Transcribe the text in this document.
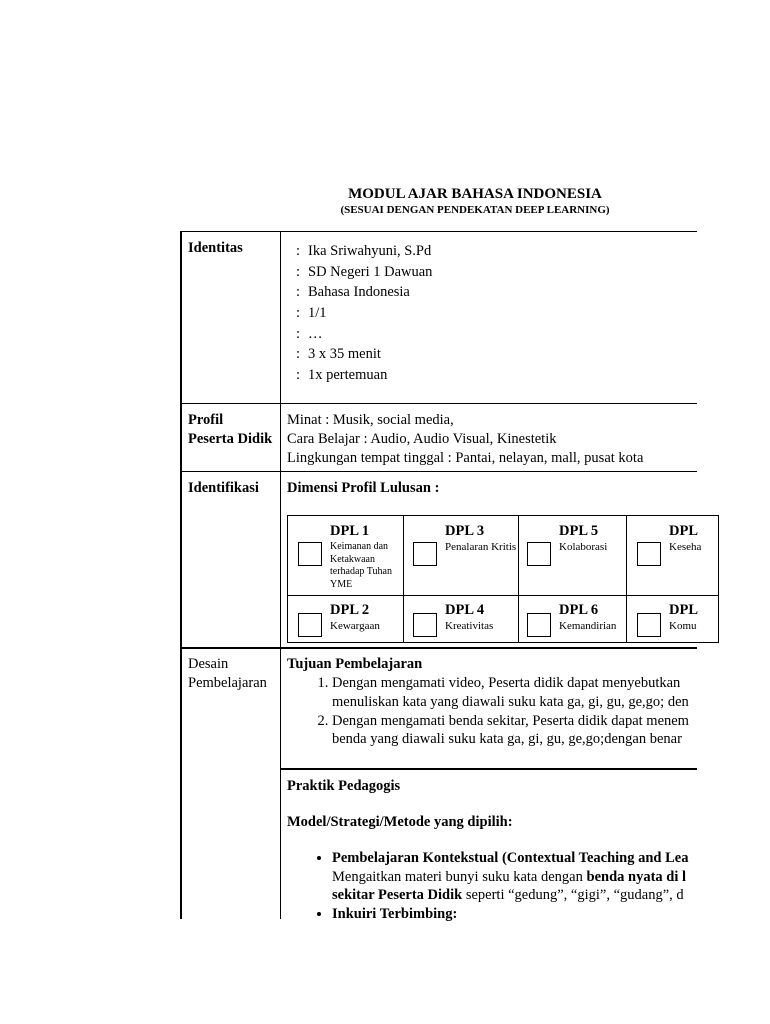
MODUL AJAR BAHASA INDONESIA
(SESUAI DENGAN PENDEKATAN DEEP LEARNING)
Identitas	: Ika Sriwahyuni, S.Pd
: SD Negeri 1 Dawuan
: Bahasa Indonesia
: 1/1
: …
: 3 x 35 menit
: 1x pertemuan
Profil
Peserta Didik
Minat : Musik, social media,
Cara Belajar : Audio, Audio Visual, Kinestetik
Lingkungan tempat tinggal : Pantai, nelayan, mall, pusat kota
Identifikasi Dimensi Profil Lulusan :
DPL 1
Keimanan dan Ketakwaan terhadap Tuhan YME
DPL 3
Penalaran Kritis
DPL 5
Kolaborasi
DPL
Keseha
DPL 2
Kewargaan
DPL 4
Kreativitas
DPL 6
Kemandirian
DPL
Komu
Desain
Pembelajaran
Tujuan Pembelajaran
1. Dengan mengamati video, Peserta didik dapat menyebutkan
menuliskan kata yang diawali suku kata ga, gi, gu, ge,go; den
2. Dengan mengamati benda sekitar, Peserta didik dapat menem
benda yang diawali suku kata ga, gi, gu, ge,go;dengan benar
Praktik Pedagogis
Model/Strategi/Metode yang dipilih:
• Pembelajaran Kontekstual (Contextual Teaching and Lea
Mengaitkan materi bunyi suku kata dengan benda nyata di l
sekitar Peserta Didik seperti “gedung”, “gigi”, “gudang”, d
• Inkuiri Terbimbing:
